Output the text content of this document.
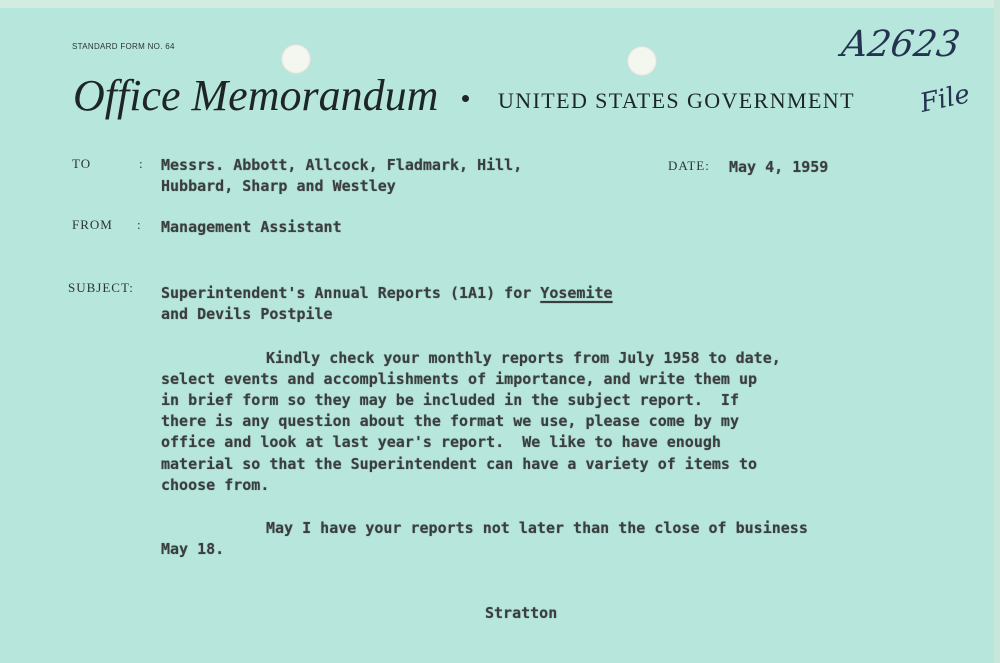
STANDARD FORM NO. 64
Office Memorandum	UNITED STATES GOVERNMENT
A2623
File
TO	: Messrs. Abbott, Allcock, Fladmark, Hill,
Hubbard, Sharp and Westley
DATE: May 4, 1959
FROM : Management Assistant
SUBJECT: Superintendent's Annual Reports (1A1) for Yosemite
and Devils Postpile
Kindly check your monthly reports from July 1958 to date,
select events and accomplishments of importance, and write them up
in brief form so they may be included in the subject report.  If
there is any question about the format we use, please come by my
office and look at last year's report.  We like to have enough
material so that the Superintendent can have a variety of items to
choose from.
May I have your reports not later than the close of business
May 18.
Stratton
